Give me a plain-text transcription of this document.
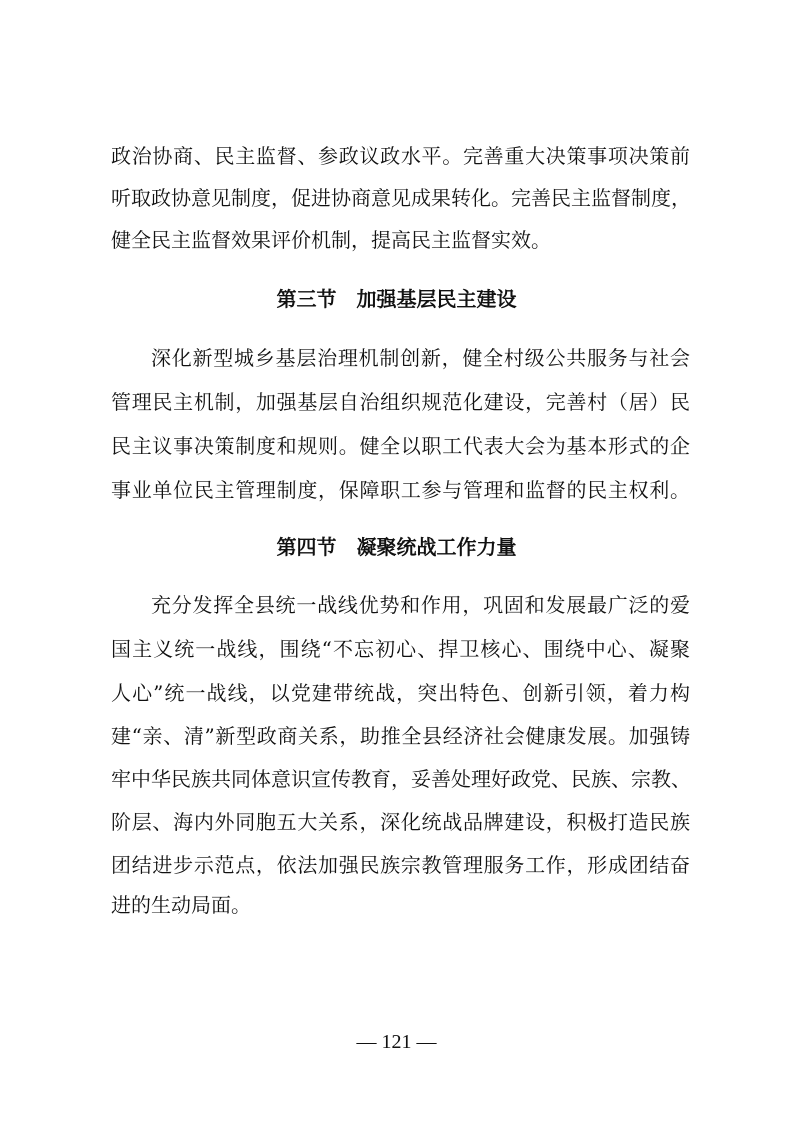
政治协商、民主监督、参政议政水平。完善重大决策事项决策前
听取政协意见制度，促进协商意见成果转化。完善民主监督制度，
健全民主监督效果评价机制，提高民主监督实效。
第三节　加强基层民主建设
深化新型城乡基层治理机制创新，健全村级公共服务与社会
管理民主机制，加强基层自治组织规范化建设，完善村（居）民
民主议事决策制度和规则。健全以职工代表大会为基本形式的企
事业单位民主管理制度，保障职工参与管理和监督的民主权利。
第四节　凝聚统战工作力量
充分发挥全县统一战线优势和作用，巩固和发展最广泛的爱
国主义统一战线，围绕“不忘初心、捍卫核心、围绕中心、凝聚
人心”统一战线，以党建带统战，突出特色、创新引领，着力构
建“亲、清”新型政商关系，助推全县经济社会健康发展。加强铸
牢中华民族共同体意识宣传教育，妥善处理好政党、民族、宗教、
阶层、海内外同胞五大关系，深化统战品牌建设，积极打造民族
团结进步示范点，依法加强民族宗教管理服务工作，形成团结奋
进的生动局面。
— 121 —
